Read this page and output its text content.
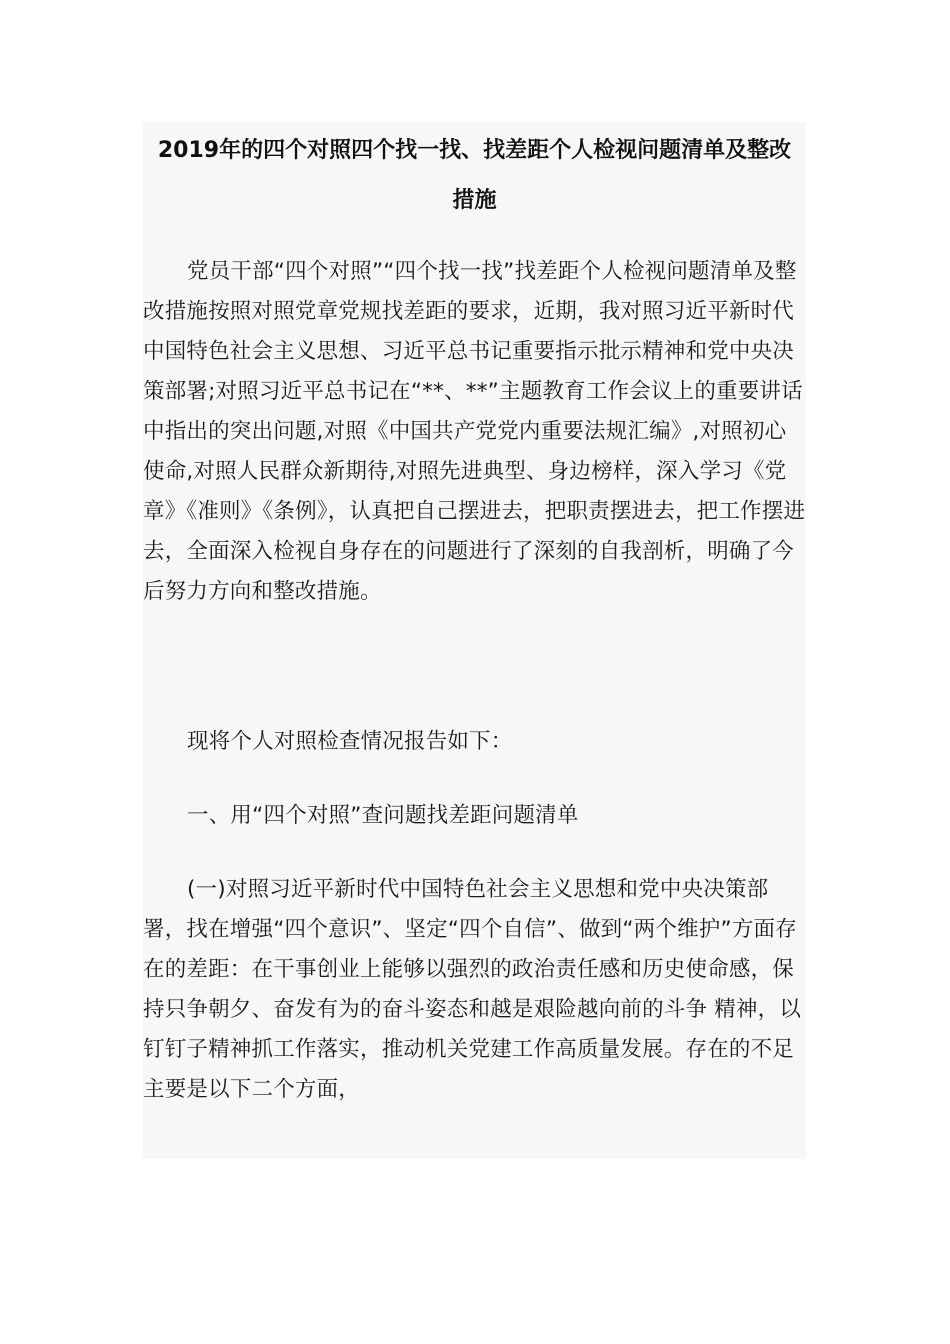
2019年的四个对照四个找一找、找差距个人检视问题清单及整改
措施

党员干部“四个对照”“四个找一找”找差距个人检视问题清单及整改措施按照对照党章党规找差距的要求，近期，我对照习近平新时代中国特色社会主义思想、习近平总书记重要指示批示精神和党中央决策部署;对照习近平总书记在“**、**”主题教育工作会议上的重要讲话中指出的突出问题,对照《中国共产党党内重要法规汇编》,对照初心使命,对照人民群众新期待,对照先进典型、身边榜样，深入学习《党章》《准则》《条例》，认真把自己摆进去，把职责摆进去，把工作摆进去，全面深入检视自身存在的问题进行了深刻的自我剖析，明确了今后努力方向和整改措施。

现将个人对照检查情况报告如下：

一、用“四个对照”查问题找差距问题清单

(一)对照习近平新时代中国特色社会主义思想和党中央决策部署，找在增强“四个意识”、坚定“四个自信”、做到“两个维护”方面存在的差距：在干事创业上能够以强烈的政治责任感和历史使命感，保持只争朝夕、奋发有为的奋斗姿态和越是艰险越向前的斗争 精神，以钉钉子精神抓工作落实，推动机关党建工作高质量发展。存在的不足主要是以下二个方面，
